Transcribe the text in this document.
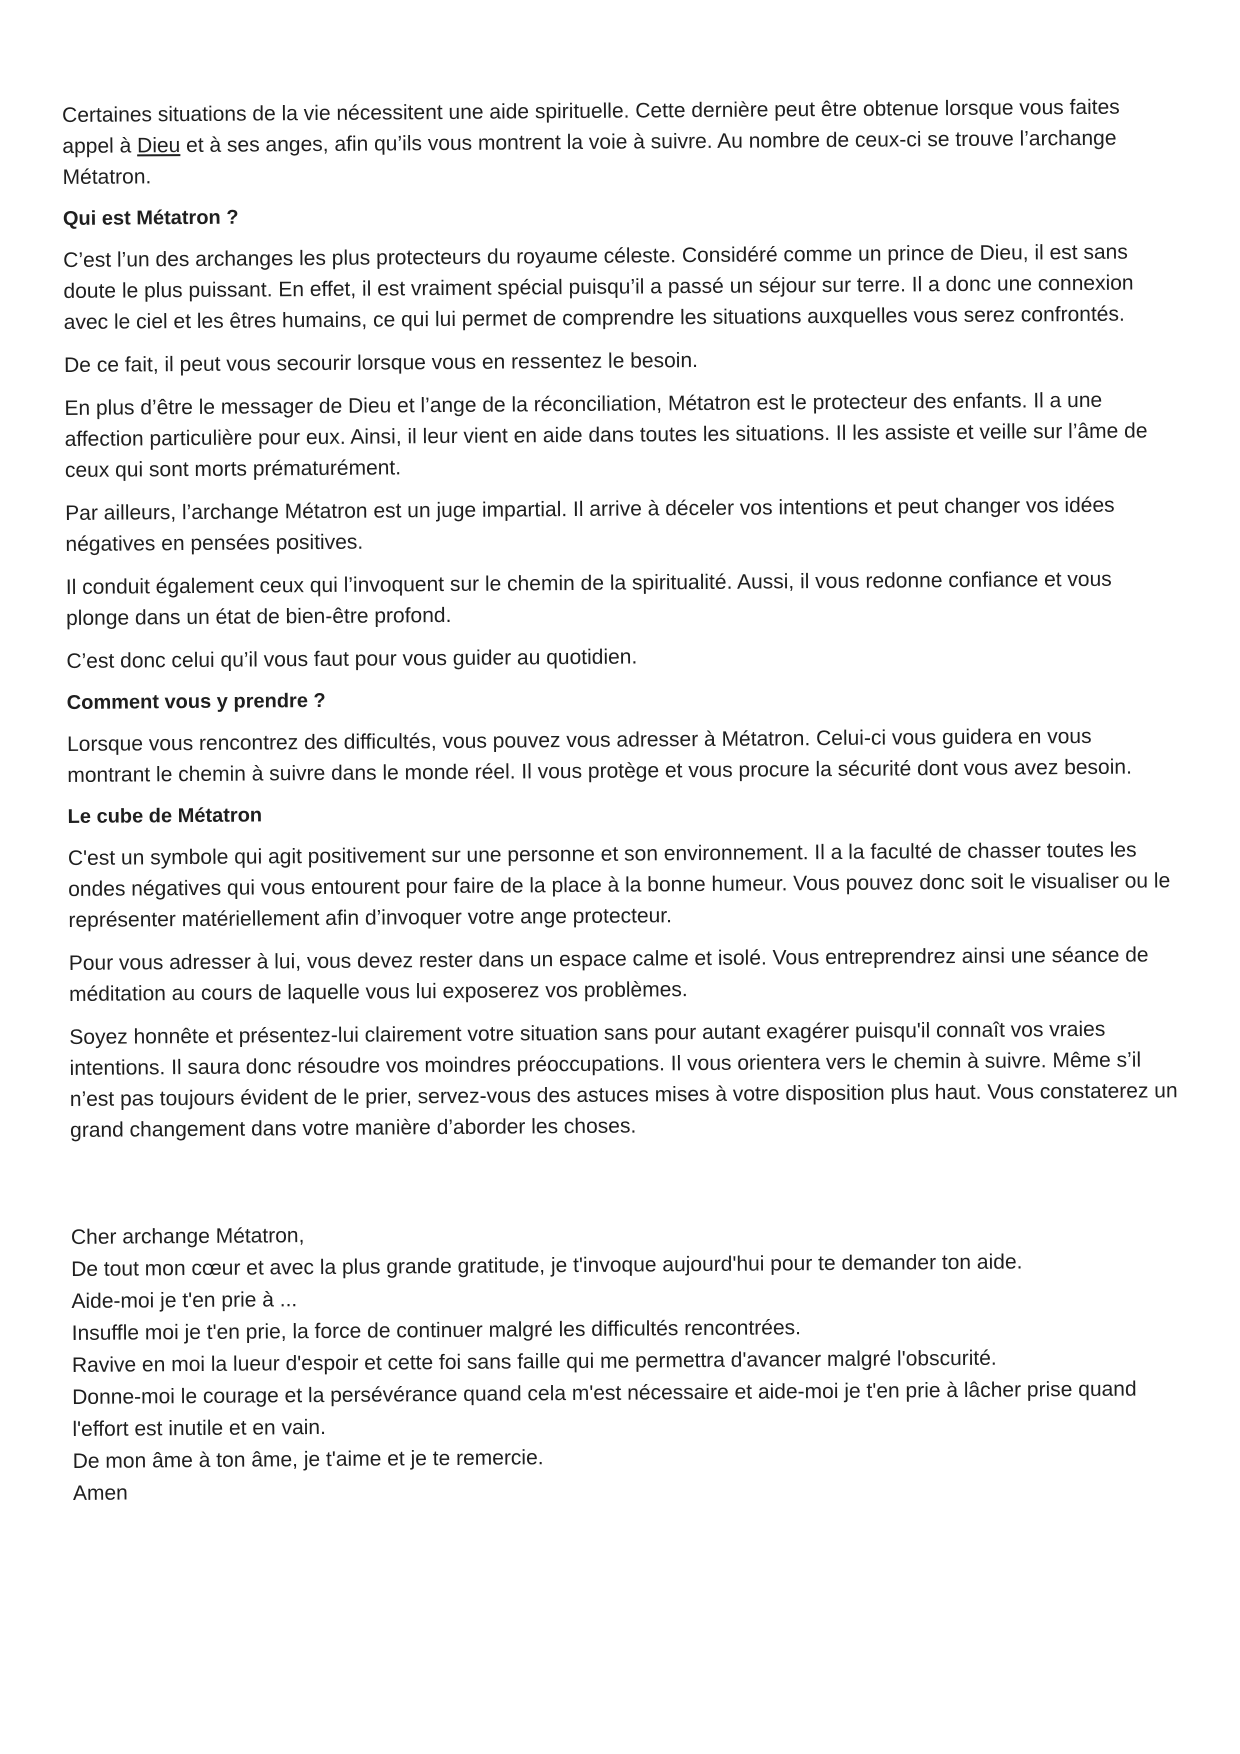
Certaines situations de la vie nécessitent une aide spirituelle. Cette dernière peut être obtenue lorsque vous faites appel à Dieu et à ses anges, afin qu’ils vous montrent la voie à suivre. Au nombre de ceux-ci se trouve l’archange Métatron.

Qui est Métatron ?

C’est l’un des archanges les plus protecteurs du royaume céleste. Considéré comme un prince de Dieu, il est sans doute le plus puissant. En effet, il est vraiment spécial puisqu’il a passé un séjour sur terre. Il a donc une connexion avec le ciel et les êtres humains, ce qui lui permet de comprendre les situations auxquelles vous serez confrontés.

De ce fait, il peut vous secourir lorsque vous en ressentez le besoin.

En plus d’être le messager de Dieu et l’ange de la réconciliation, Métatron est le protecteur des enfants. Il a une affection particulière pour eux. Ainsi, il leur vient en aide dans toutes les situations. Il les assiste et veille sur l’âme de ceux qui sont morts prématurément.

Par ailleurs, l’archange Métatron est un juge impartial. Il arrive à déceler vos intentions et peut changer vos idées négatives en pensées positives.

Il conduit également ceux qui l’invoquent sur le chemin de la spiritualité. Aussi, il vous redonne confiance et vous plonge dans un état de bien-être profond.

C’est donc celui qu’il vous faut pour vous guider au quotidien.

Comment vous y prendre ?

Lorsque vous rencontrez des difficultés, vous pouvez vous adresser à Métatron. Celui-ci vous guidera en vous montrant le chemin à suivre dans le monde réel. Il vous protège et vous procure la sécurité dont vous avez besoin.

Le cube de Métatron

C'est un symbole qui agit positivement sur une personne et son environnement. Il a la faculté de chasser toutes les ondes négatives qui vous entourent pour faire de la place à la bonne humeur. Vous pouvez donc soit le visualiser ou le représenter matériellement afin d’invoquer votre ange protecteur.

Pour vous adresser à lui, vous devez rester dans un espace calme et isolé. Vous entreprendrez ainsi une séance de méditation au cours de laquelle vous lui exposerez vos problèmes.

Soyez honnête et présentez-lui clairement votre situation sans pour autant exagérer puisqu'il connaît vos vraies intentions. Il saura donc résoudre vos moindres préoccupations. Il vous orientera vers le chemin à suivre. Même s’il n’est pas toujours évident de le prier, servez-vous des astuces mises à votre disposition plus haut. Vous constaterez un grand changement dans votre manière d’aborder les choses.

Cher archange Métatron,
De tout mon cœur et avec la plus grande gratitude, je t'invoque aujourd'hui pour te demander ton aide.
Aide-moi je t'en prie à ...
Insuffle moi je t'en prie, la force de continuer malgré les difficultés rencontrées.
Ravive en moi la lueur d'espoir et cette foi sans faille qui me permettra d'avancer malgré l'obscurité.
Donne-moi le courage et la persévérance quand cela m'est nécessaire et aide-moi je t'en prie à lâcher prise quand l'effort est inutile et en vain.
De mon âme à ton âme, je t'aime et je te remercie.
Amen
